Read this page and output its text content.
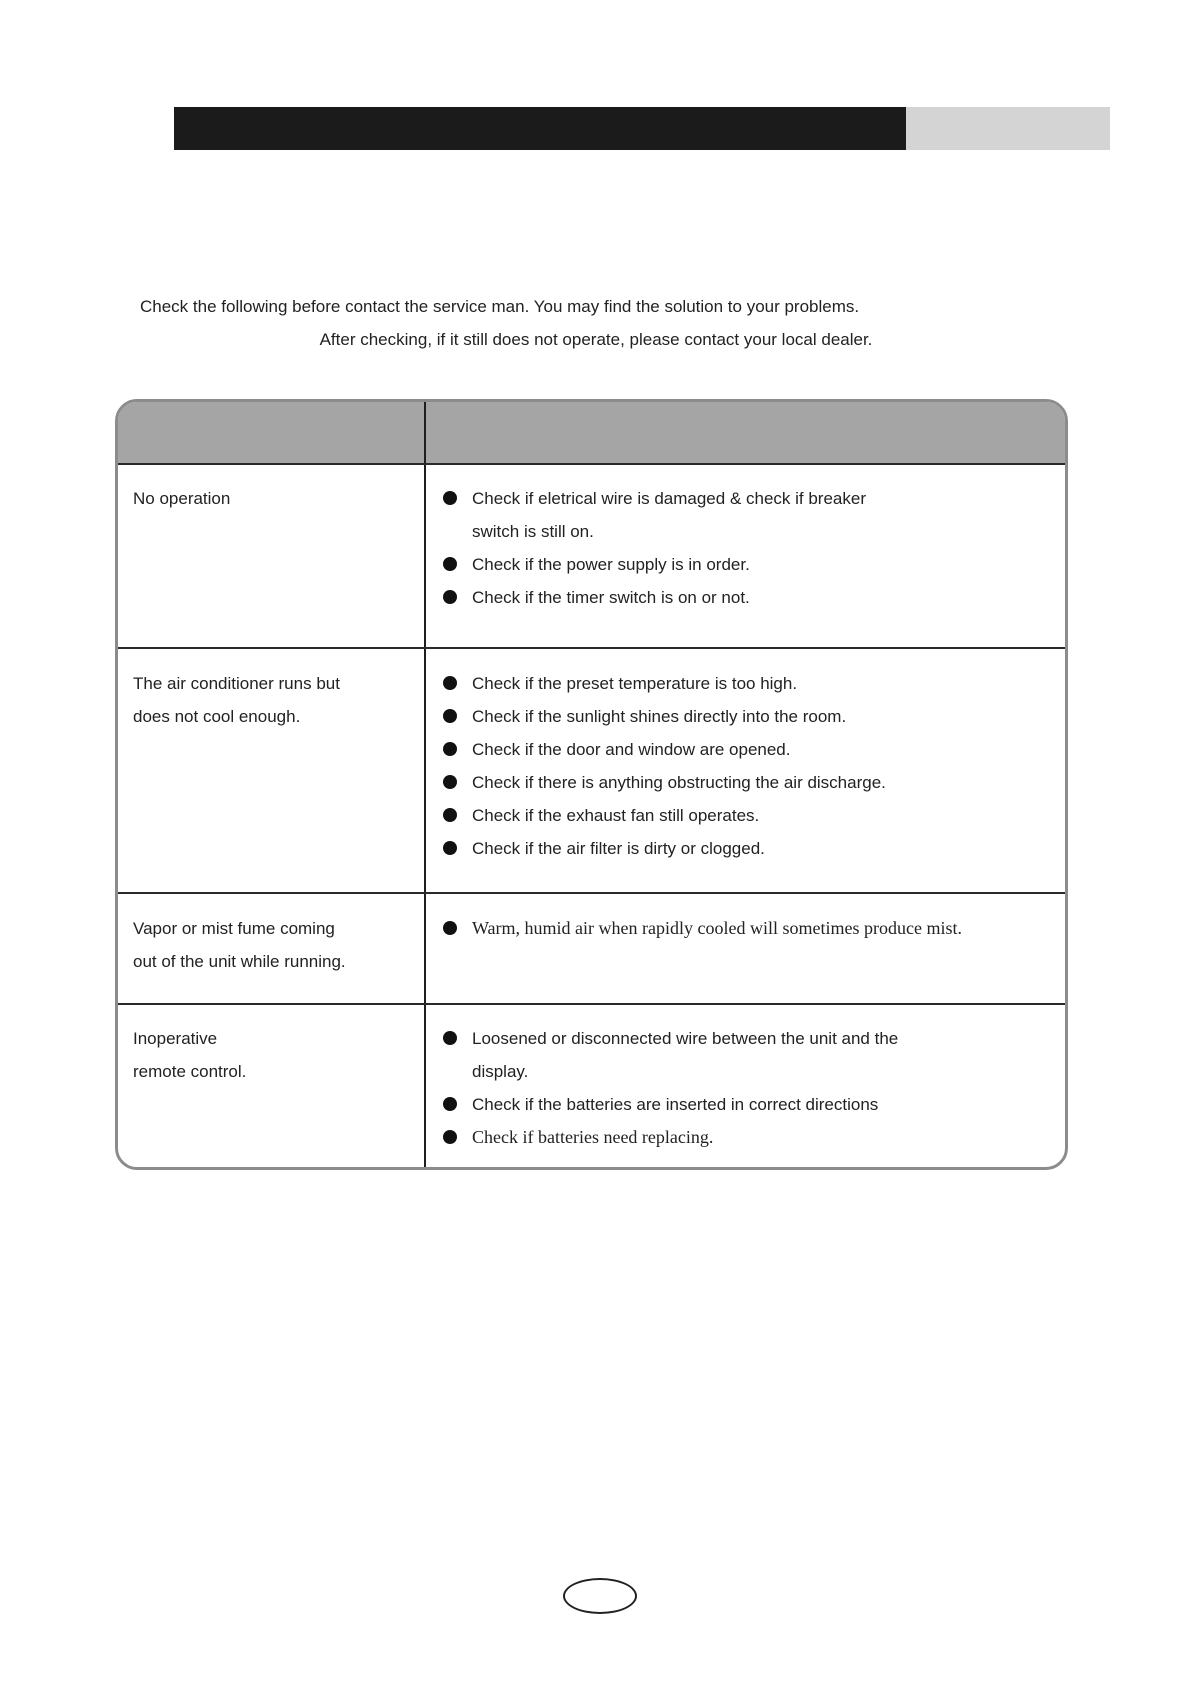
Check the following before contact the service man. You may find the solution to your problems.
After checking, if it still does not operate, please contact your local dealer.
No operation	Check if eletrical wire is damaged & check if breaker
switch is still on.
Check if the power supply is in order.
Check if the timer switch is on or not.
The air conditioner runs but
does not cool enough.
Check if the preset temperature is too high.
Check if the sunlight shines directly into the room.
Check if the door and window are opened.
Check if there is anything obstructing the air discharge.
Check if the exhaust fan still operates.
Check if the air filter is dirty or clogged.
Vapor or mist fume coming
out of the unit while running.
Warm, humid air when rapidly cooled will sometimes produce mist.
Inoperative
remote control.
Loosened or disconnected wire between the unit and the
display.
Check if the batteries are inserted in correct directions
Check if batteries need replacing.
